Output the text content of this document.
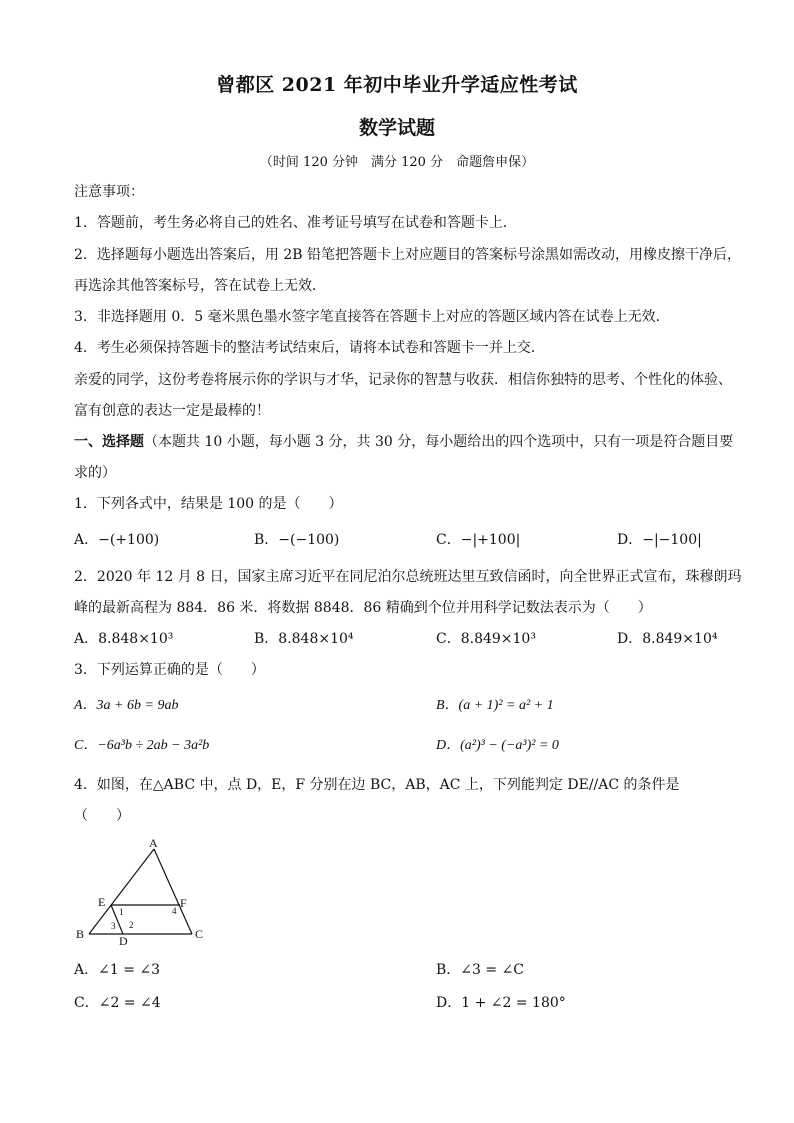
曾都区 2021 年初中毕业升学适应性考试
数学试题
（时间 120 分钟　满分 120 分　命题詹申保）
注意事项：
1．答题前，考生务必将自己的姓名、准考证号填写在试卷和答题卡上．
2．选择题每小题选出答案后，用 2B 铅笔把答题卡上对应题目的答案标号涂黑如需改动，用橡皮擦干净后，
再选涂其他答案标号，答在试卷上无效．
3．非选择题用 0．5 毫米黑色墨水签字笔直接答在答题卡上对应的答题区域内答在试卷上无效．
4．考生必须保持答题卡的整洁考试结束后，请将本试卷和答题卡一并上交．
亲爱的同学，这份考卷将展示你的学识与才华，记录你的智慧与收获．相信你独特的思考、个性化的体验、
富有创意的表达一定是最棒的！
一、选择题（本题共 10 小题，每小题 3 分，共 30 分，每小题给出的四个选项中，只有一项是符合题目要
求的）
1．下列各式中，结果是 100 的是（　　）
A．−(+100)	B．−(−100)	C．−|+100|	D．−|−100|
2．2020 年 12 月 8 日，国家主席习近平在同尼泊尔总统班达里互致信函时，向全世界正式宣布，珠穆朗玛
峰的最新高程为 884．86 米．将数据 8848．86 精确到个位并用科学记数法表示为（　　）
A．8.848×10³	B．8.848×10⁴	C．8.849×10³	D．8.849×10⁴
3．下列运算正确的是（　　）
A．3a + 6b = 9ab	B．(a + 1)² = a² + 1
C．−6a³b ÷ 2ab − 3a²b	D．(a²)³ − (−a³)² = 0
4．如图，在△ABC 中，点 D，E，F 分别在边 BC，AB，AC 上，下列能判定 DE//AC 的条件是
（　　）
A
B	C
D
E	F
1
2
3
4
A．∠1 = ∠3	B．∠3 = ∠C
C．∠2 = ∠4	D．1 + ∠2 = 180°
